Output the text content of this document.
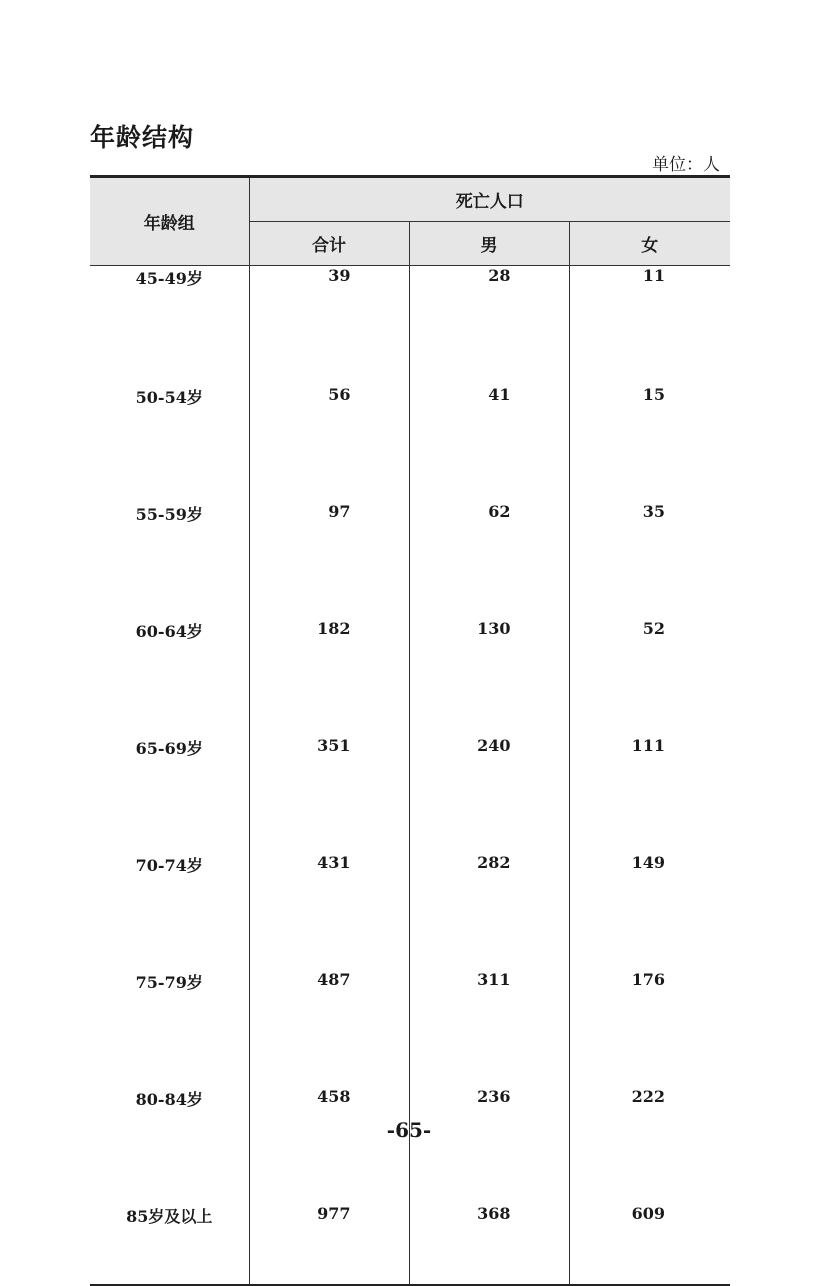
年龄结构
单位：人
年龄组	死亡人口		
	合计	男	女
45-49岁	39	28	11
50-54岁	56	41	15
55-59岁	97	62	35
60-64岁	182	130	52
65-69岁	351	240	111
70-74岁	431	282	149
75-79岁	487	311	176
80-84岁	458	236	222
85岁及以上	977	368	609
-65-
